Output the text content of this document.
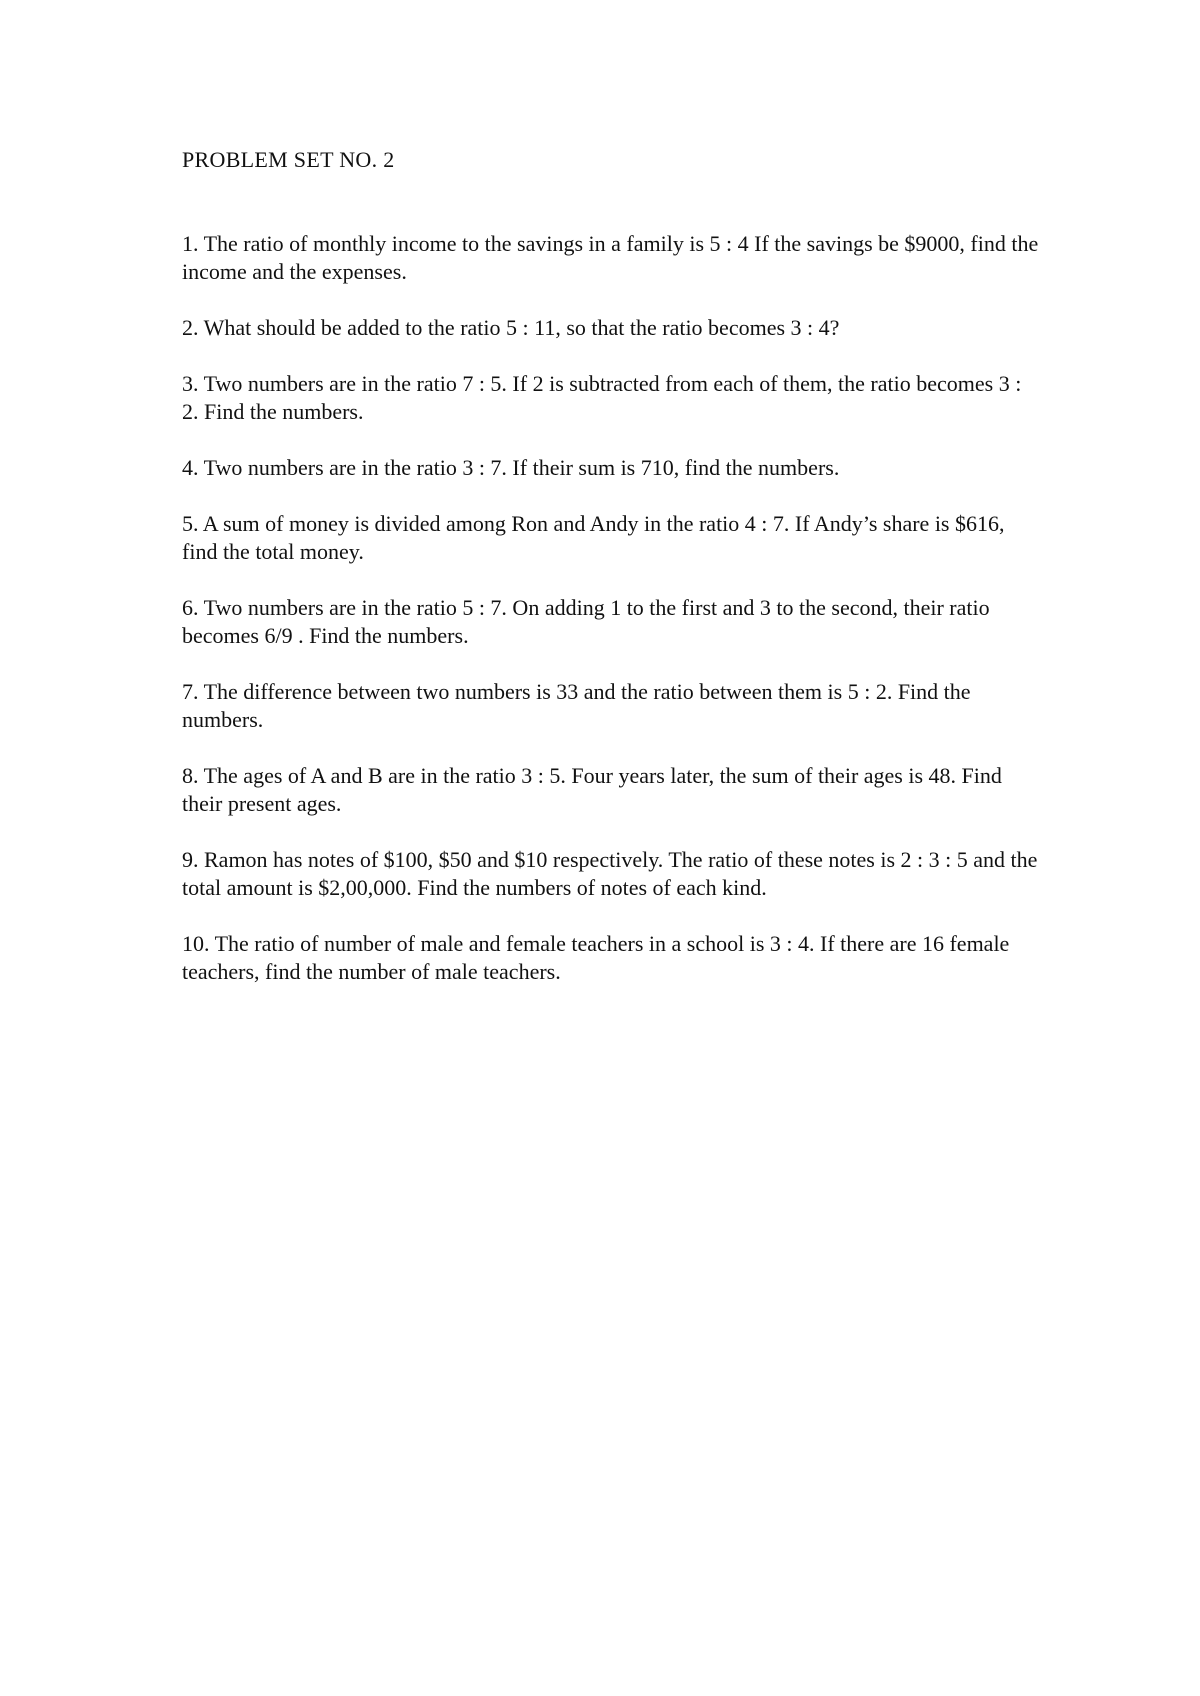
PROBLEM SET NO. 2
1. The ratio of monthly income to the savings in a family is 5 : 4 If the savings be $9000, find the income and the expenses.
2. What should be added to the ratio 5 : 11, so that the ratio becomes 3 : 4?
3. Two numbers are in the ratio 7 : 5. If 2 is subtracted from each of them, the ratio becomes 3 : 2. Find the numbers.
4. Two numbers are in the ratio 3 : 7. If their sum is 710, find the numbers.
5. A sum of money is divided among Ron and Andy in the ratio 4 : 7. If Andy’s share is $616, find the total money.
6. Two numbers are in the ratio 5 : 7. On adding 1 to the first and 3 to the second, their ratio becomes 6/9 . Find the numbers.
7. The difference between two numbers is 33 and the ratio between them is 5 : 2. Find the numbers.
8. The ages of A and B are in the ratio 3 : 5. Four years later, the sum of their ages is 48. Find their present ages.
9. Ramon has notes of $100, $50 and $10 respectively. The ratio of these notes is 2 : 3 : 5 and the total amount is $2,00,000. Find the numbers of notes of each kind.
10. The ratio of number of male and female teachers in a school is 3 : 4. If there are 16 female teachers, find the number of male teachers.
